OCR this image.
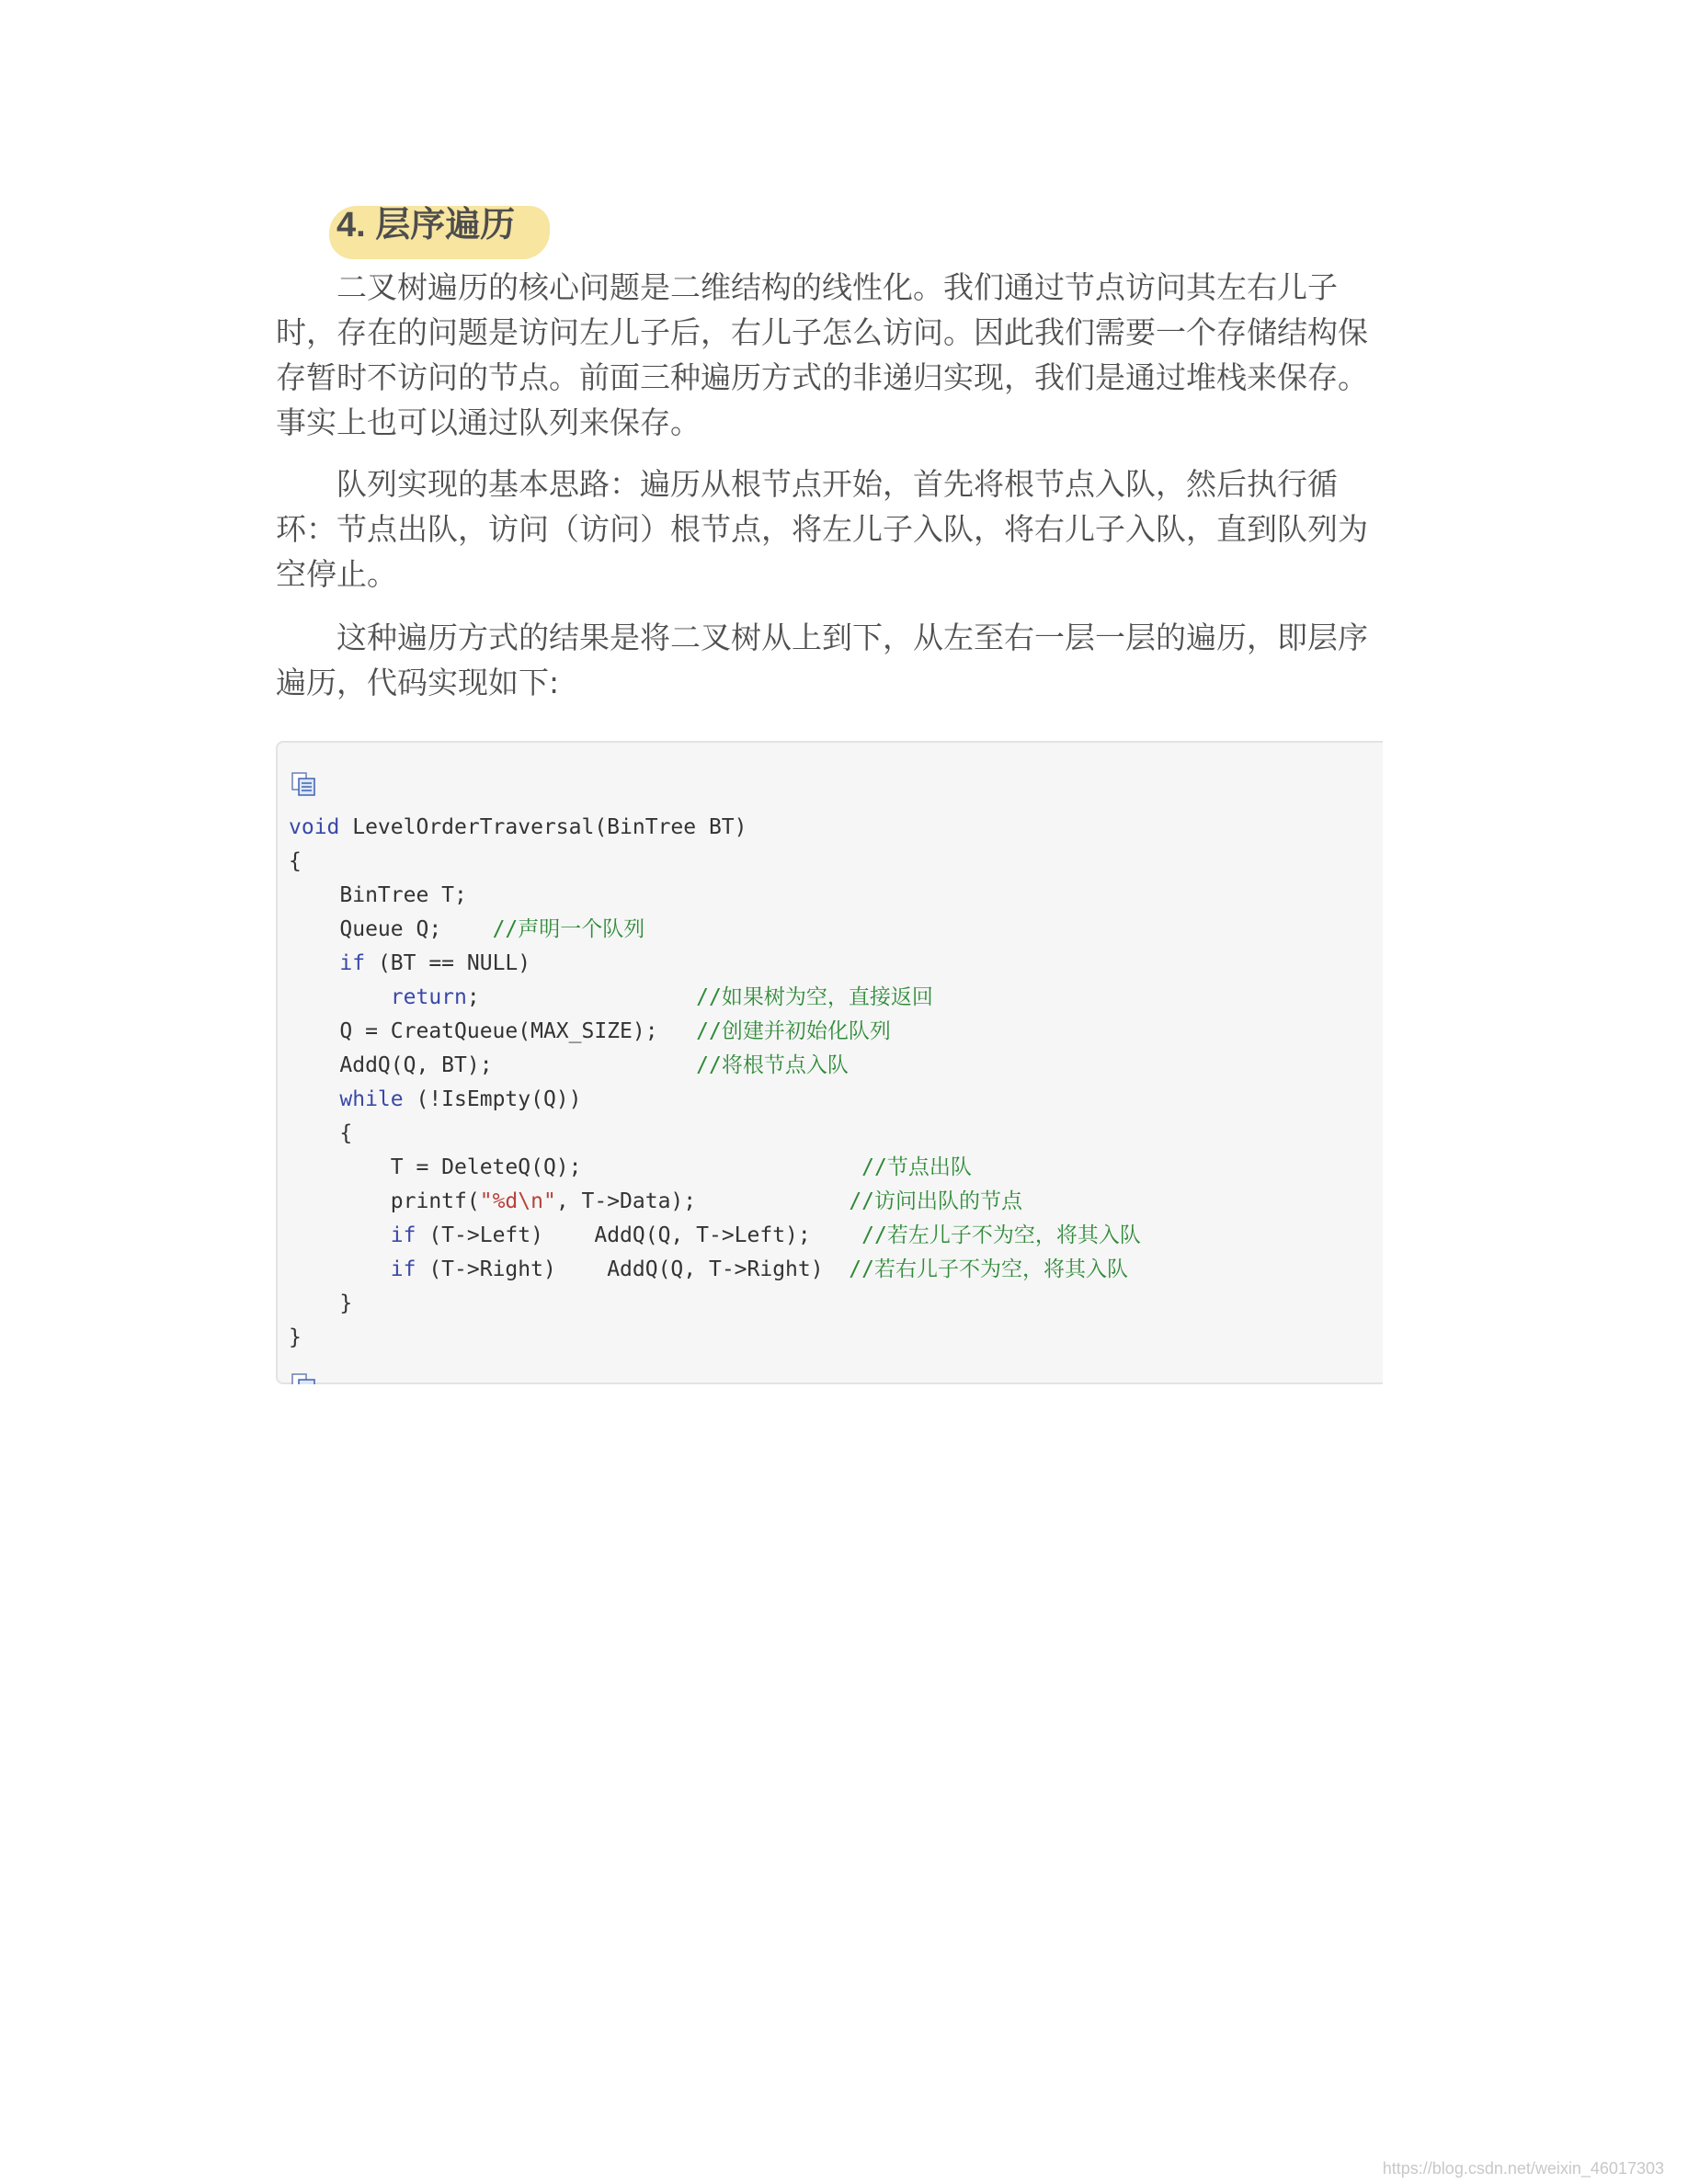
4. 层序遍历

二叉树遍历的核心问题是二维结构的线性化。我们通过节点访问其左右儿子时，存在的问题是访问左儿子后，右儿子怎么访问。因此我们需要一个存储结构保存暂时不访问的节点。前面三种遍历方式的非递归实现，我们是通过堆栈来保存。事实上也可以通过队列来保存。

队列实现的基本思路：遍历从根节点开始，首先将根节点入队，然后执行循环：节点出队，访问（访问）根节点，将左儿子入队，将右儿子入队，直到队列为空停止。

这种遍历方式的结果是将二叉树从上到下，从左至右一层一层的遍历，即层序遍历，代码实现如下:

void LevelOrderTraversal(BinTree BT)
{
BinTree T;
Queue Q;    //声明一个队列
if (BT == NULL)
return;                 //如果树为空，直接返回
Q = CreatQueue(MAX_SIZE);   //创建并初始化队列
AddQ(Q, BT);                //将根节点入队
while (!IsEmpty(Q))
{
T = DeleteQ(Q);                      //节点出队
printf("%d\n", T->Data);            //访问出队的节点
if (T->Left)    AddQ(Q, T->Left);    //若左儿子不为空，将其入队
if (T->Right)    AddQ(Q, T->Right)  //若右儿子不为空，将其入队
}
}
https://blog.csdn.net/weixin_46017303
